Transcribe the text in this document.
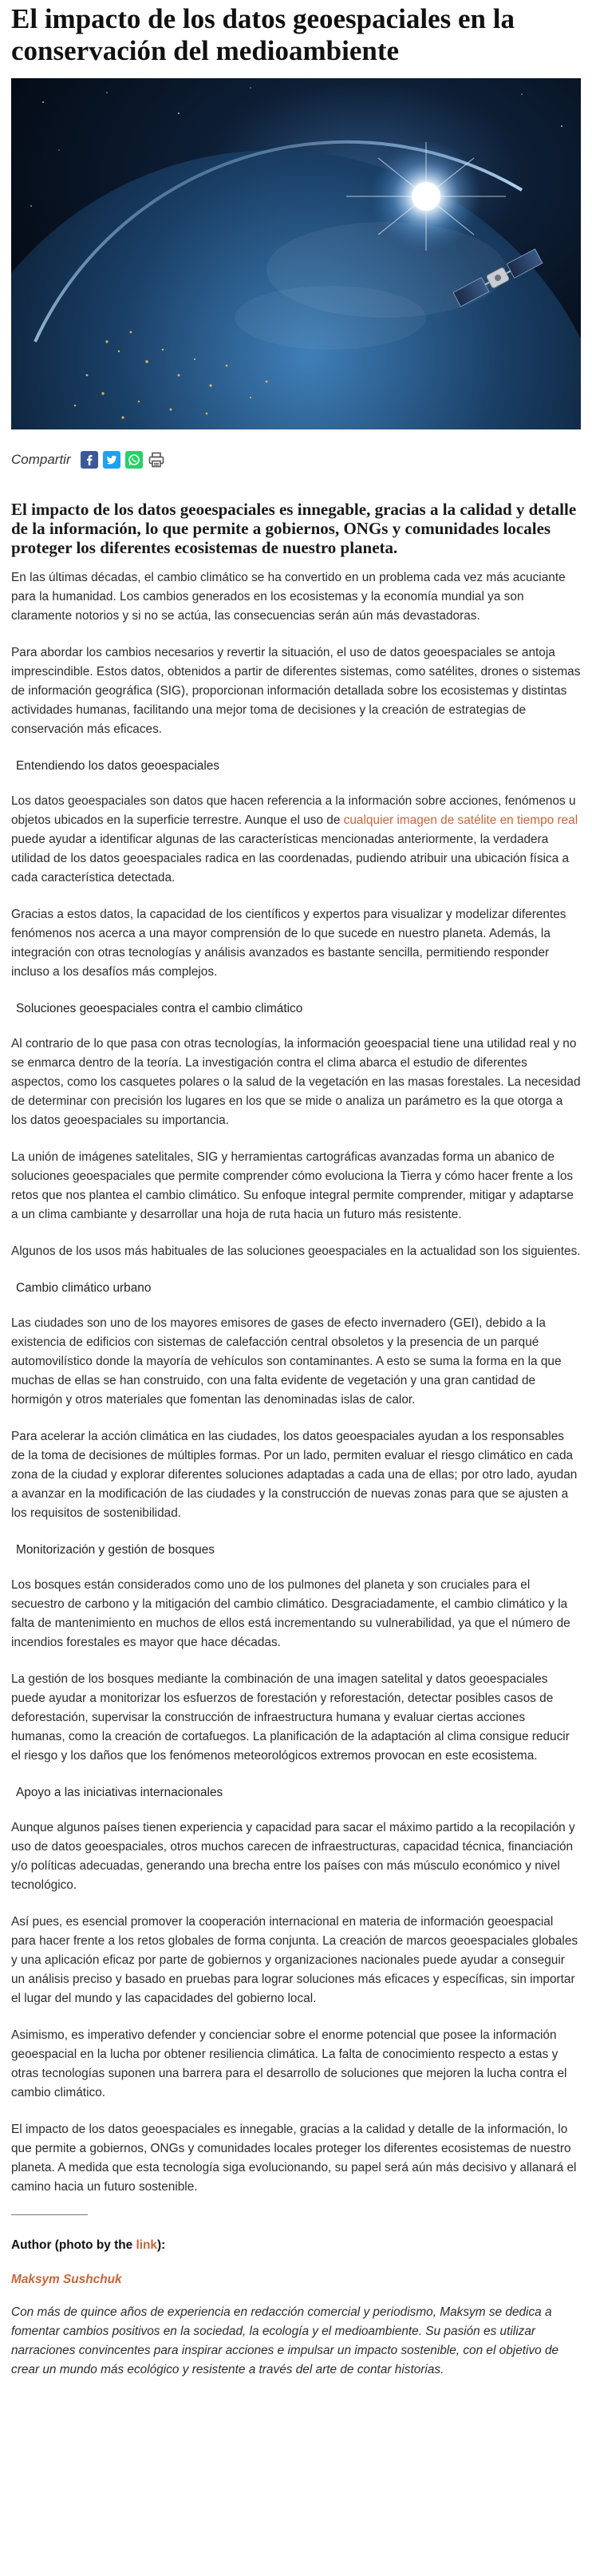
El impacto de los datos geoespaciales en la conservación del medioambiente
Compartir

El impacto de los datos geoespaciales es innegable, gracias a la calidad y detalle de la información, lo que permite a gobiernos, ONGs y comunidades locales proteger los diferentes ecosistemas de nuestro planeta.

En las últimas décadas, el cambio climático se ha convertido en un problema cada vez más acuciante para la humanidad. Los cambios generados en los ecosistemas y la economía mundial ya son claramente notorios y si no se actúa, las consecuencias serán aún más devastadoras.

Para abordar los cambios necesarios y revertir la situación, el uso de datos geoespaciales se antoja imprescindible. Estos datos, obtenidos a partir de diferentes sistemas, como satélites, drones o sistemas de información geográfica (SIG), proporcionan información detallada sobre los ecosistemas y distintas actividades humanas, facilitando una mejor toma de decisiones y la creación de estrategias de conservación más eficaces.

Entendiendo los datos geoespaciales

Los datos geoespaciales son datos que hacen referencia a la información sobre acciones, fenómenos u objetos ubicados en la superficie terrestre. Aunque el uso de cualquier imagen de satélite en tiempo real puede ayudar a identificar algunas de las características mencionadas anteriormente, la verdadera utilidad de los datos geoespaciales radica en las coordenadas, pudiendo atribuir una ubicación física a cada característica detectada.

Gracias a estos datos, la capacidad de los científicos y expertos para visualizar y modelizar diferentes fenómenos nos acerca a una mayor comprensión de lo que sucede en nuestro planeta. Además, la integración con otras tecnologías y análisis avanzados es bastante sencilla, permitiendo responder incluso a los desafíos más complejos.

Soluciones geoespaciales contra el cambio climático

Al contrario de lo que pasa con otras tecnologías, la información geoespacial tiene una utilidad real y no se enmarca dentro de la teoría. La investigación contra el clima abarca el estudio de diferentes aspectos, como los casquetes polares o la salud de la vegetación en las masas forestales. La necesidad de determinar con precisión los lugares en los que se mide o analiza un parámetro es la que otorga a los datos geoespaciales su importancia.

La unión de imágenes satelitales, SIG y herramientas cartográficas avanzadas forma un abanico de soluciones geoespaciales que permite comprender cómo evoluciona la Tierra y cómo hacer frente a los retos que nos plantea el cambio climático. Su enfoque integral permite comprender, mitigar y adaptarse a un clima cambiante y desarrollar una hoja de ruta hacia un futuro más resistente.

Algunos de los usos más habituales de las soluciones geoespaciales en la actualidad son los siguientes.

Cambio climático urbano

Las ciudades son uno de los mayores emisores de gases de efecto invernadero (GEI), debido a la existencia de edificios con sistemas de calefacción central obsoletos y la presencia de un parqué automovilístico donde la mayoría de vehículos son contaminantes. A esto se suma la forma en la que muchas de ellas se han construido, con una falta evidente de vegetación y una gran cantidad de hormigón y otros materiales que fomentan las denominadas islas de calor.

Para acelerar la acción climática en las ciudades, los datos geoespaciales ayudan a los responsables de la toma de decisiones de múltiples formas. Por un lado, permiten evaluar el riesgo climático en cada zona de la ciudad y explorar diferentes soluciones adaptadas a cada una de ellas; por otro lado, ayudan a avanzar en la modificación de las ciudades y la construcción de nuevas zonas para que se ajusten a los requisitos de sostenibilidad.

Monitorización y gestión de bosques

Los bosques están considerados como uno de los pulmones del planeta y son cruciales para el secuestro de carbono y la mitigación del cambio climático. Desgraciadamente, el cambio climático y la falta de mantenimiento en muchos de ellos está incrementando su vulnerabilidad, ya que el número de incendios forestales es mayor que hace décadas.

La gestión de los bosques mediante la combinación de una imagen satelital y datos geoespaciales puede ayudar a monitorizar los esfuerzos de forestación y reforestación, detectar posibles casos de deforestación, supervisar la construcción de infraestructura humana y evaluar ciertas acciones humanas, como la creación de cortafuegos. La planificación de la adaptación al clima consigue reducir el riesgo y los daños que los fenómenos meteorológicos extremos provocan en este ecosistema.

Apoyo a las iniciativas internacionales

Aunque algunos países tienen experiencia y capacidad para sacar el máximo partido a la recopilación y uso de datos geoespaciales, otros muchos carecen de infraestructuras, capacidad técnica, financiación y/o políticas adecuadas, generando una brecha entre los países con más músculo económico y nivel tecnológico.

Así pues, es esencial promover la cooperación internacional en materia de información geoespacial para hacer frente a los retos globales de forma conjunta. La creación de marcos geoespaciales globales y una aplicación eficaz por parte de gobiernos y organizaciones nacionales puede ayudar a conseguir un análisis preciso y basado en pruebas para lograr soluciones más eficaces y específicas, sin importar el lugar del mundo y las capacidades del gobierno local.

Asimismo, es imperativo defender y concienciar sobre el enorme potencial que posee la información geoespacial en la lucha por obtener resiliencia climática. La falta de conocimiento respecto a estas y otras tecnologías suponen una barrera para el desarrollo de soluciones que mejoren la lucha contra el cambio climático.

El impacto de los datos geoespaciales es innegable, gracias a la calidad y detalle de la información, lo que permite a gobiernos, ONGs y comunidades locales proteger los diferentes ecosistemas de nuestro planeta. A medida que esta tecnología siga evolucionando, su papel será aún más decisivo y allanará el camino hacia un futuro sostenible.

Author (photo by the link):
Maksym Sushchuk

Con más de quince años de experiencia en redacción comercial y periodismo, Maksym se dedica a fomentar cambios positivos en la sociedad, la ecología y el medioambiente. Su pasión es utilizar narraciones convincentes para inspirar acciones e impulsar un impacto sostenible, con el objetivo de crear un mundo más ecológico y resistente a través del arte de contar historias.
